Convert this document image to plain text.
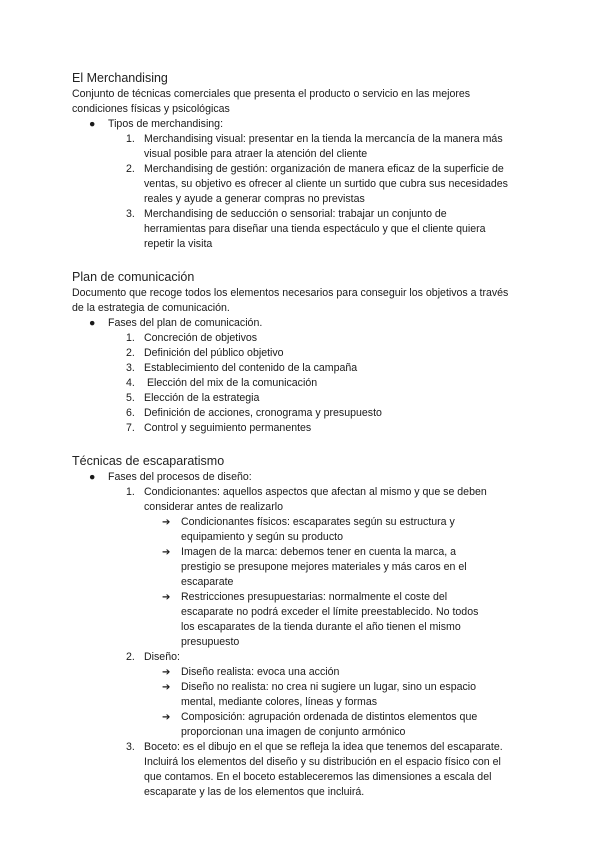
El Merchandising

Conjunto de técnicas comerciales que presenta el producto o servicio en las mejores condiciones físicas y psicológicas

● Tipos de merchandising:
1. Merchandising visual: presentar en la tienda la mercancía de la manera más visual posible para atraer la atención del cliente
2. Merchandising de gestión: organización de manera eficaz de la superficie de ventas, su objetivo es ofrecer al cliente un surtido que cubra sus necesidades reales y ayude a generar compras no previstas
3. Merchandising de seducción o sensorial: trabajar un conjunto de herramientas para diseñar una tienda espectáculo y que el cliente quiera repetir la visita
Plan de comunicación

Documento que recoge todos los elementos necesarios para conseguir los objetivos a través de la estrategia de comunicación.

● Fases del plan de comunicación.
1. Concreción de objetivos
2. Definición del público objetivo
3. Establecimiento del contenido de la campaña
4. Elección del mix de la comunicación
5. Elección de la estrategia
6. Definición de acciones, cronograma y presupuesto
7. Control y seguimiento permanentes
Técnicas de escaparatismo
● Fases del procesos de diseño:
1. Condicionantes: aquellos aspectos que afectan al mismo y que se deben considerar antes de realizarlo
➔ Condicionantes físicos: escaparates según su estructura y equipamiento y según su producto
➔ Imagen de la marca: debemos tener en cuenta la marca, a prestigio se presupone mejores materiales y más caros en el escaparate
➔ Restricciones presupuestarias: normalmente el coste del escaparate no podrá exceder el límite preestablecido. No todos los escaparates de la tienda durante el año tienen el mismo presupuesto
2. Diseño:
➔ Diseño realista: evoca una acción
➔ Diseño no realista: no crea ni sugiere un lugar, sino un espacio mental, mediante colores, líneas y formas
➔ Composición: agrupación ordenada de distintos elementos que proporcionan una imagen de conjunto armónico
3. Boceto: es el dibujo en el que se refleja la idea que tenemos del escaparate. Incluirá los elementos del diseño y su distribución en el espacio físico con el que contamos. En el boceto estableceremos las dimensiones a escala del escaparate y las de los elementos que incluirá.
